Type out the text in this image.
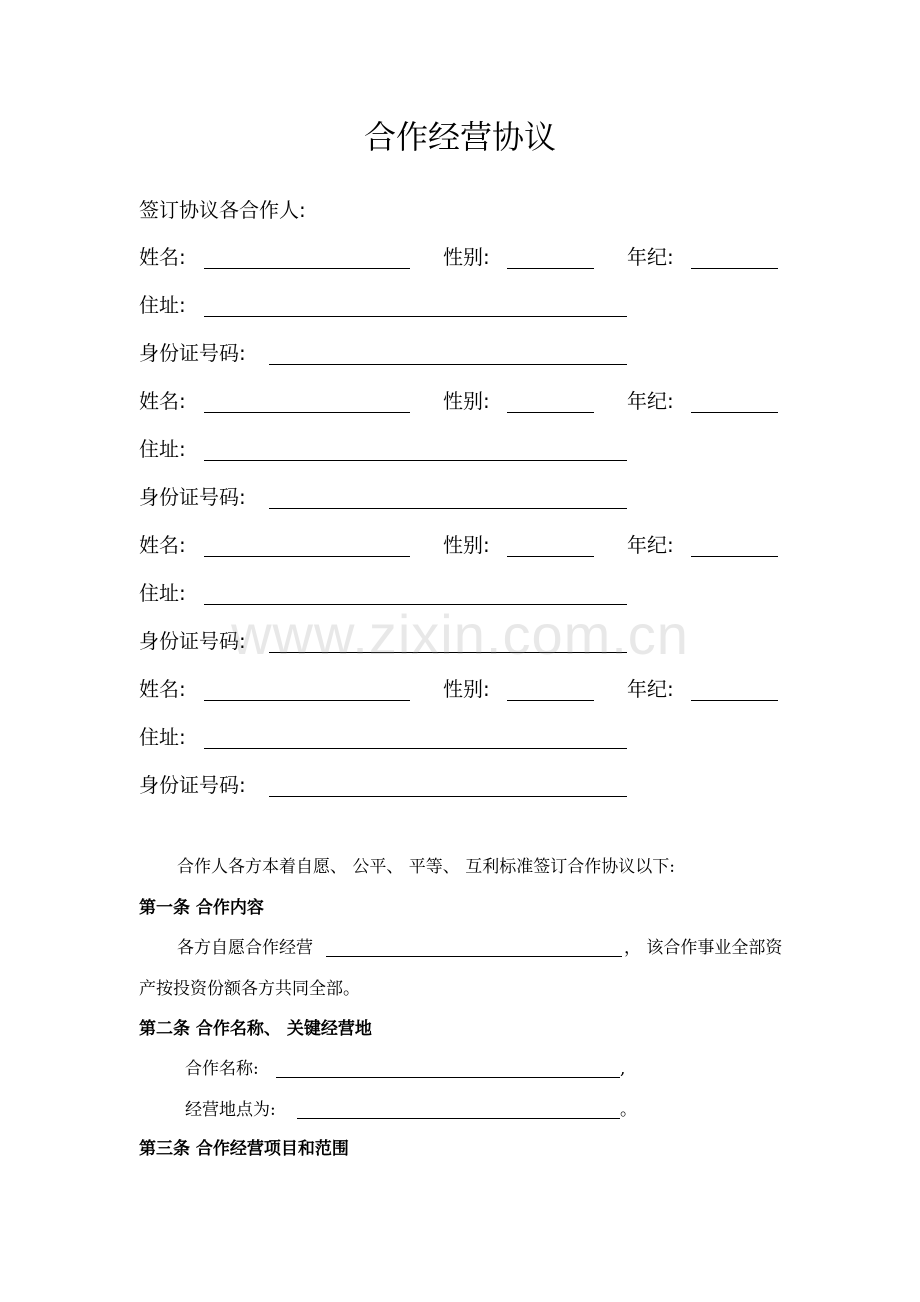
合作经营协议
签订协议各合作人:
姓名:	性别:	年纪:
住址:
身份证号码:
姓名:	性别:	年纪:
住址:
身份证号码:
姓名:	性别:	年纪:
住址:
身份证号码:
姓名:	性别:	年纪:
住址:
身份证号码:
www.zixin.com.cn
合作人各方本着自愿、 公平、 平等、 互利标准签订合作协议以下:
第一条 合作内容
各方自愿合作经营	， 该合作事业全部资
产按投资份额各方共同全部。
第二条 合作名称、 关键经营地
合作名称:	,
经营地点为:	。
第三条 合作经营项目和范围
